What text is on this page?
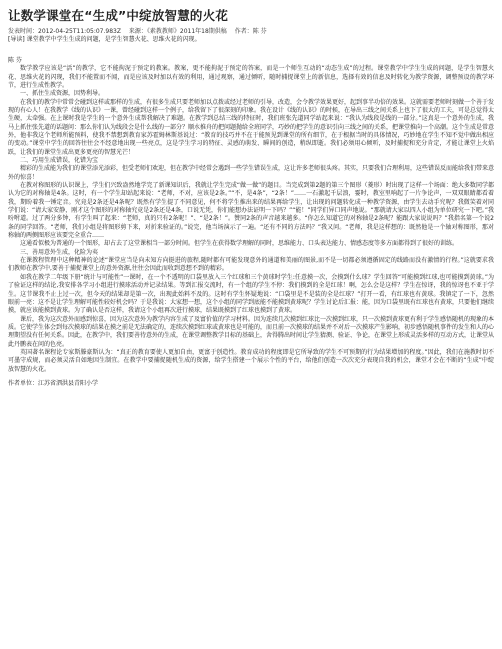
让数学课堂在“生成”中绽放智慧的火花
发表时间：2012-04-25T11:05:07.983Z 来源：《素教教师》2011年18期供稿 作者：陈 芬
[导读] 课堂教学中学生生成的问题，是学生智慧火花、思维火花的闪现。

陈 芬

数学教学应该是“活”的教学，它不能拘泥于预定的教案。教案，更不能拘泥于预定的答案，而是一个师生互动的“动态生成”的过程。课堂教学中学生生成的问题，是学生智慧火花、思维火花的闪现，我们不能置而不闻，而是应该及时加以有效的利用，通过观察，通过倾听，随时捕捉课堂上的新信息，选择有效的信息及时转化为教学资源，调整预设的教学环节，进行生成性教学。

一、抓住生成资源，因势利导。

在我们的教学中常常会碰到这样或那样的生成，有很多生成只要老师加以点拨或经过老师的引导，改造，会令教学效果更好，起到事半功倍的效果。这就需要老师时刻做一个善于发现的有心人！在我教学《线的认识》一课，曾经碰到这样一个例子，给我留下了很深刻的印象。我在设计《线的认识》的时候，在导出三线之间关系上也下了很大的工夫，可是总觉得太生硬，太牵强。在上课时我是学生的一个意外生成帮我解决了难题。在教学到总结三线的特征时，我们班张先道同学站起来说：“我认为线段是线的一部分。”这真是一个意外的生成，我马上抓住张先道的话题问：那么你们认为线段会是什么线的一部分？顺水推舟的把问题抛给全班同学，巧妙的把学生的意识引向三线之间的关系，把课堂推向一个高潮。这个生成是常意外，他非我这个老师所能预料，使我不禁想到教育家苏霍姆林斯基说过：“教育的技巧并不在于能预见到课堂的所有细节，在于根据当时的具体情况，巧妙地在学生不知不觉中做出相应的变动。”课堂中学生的回答往往会不经意地出现一些亮点，这是学生学习的特征、灵感的萌发、瞬间的创造，稍纵即逝。我们必须用心倾听，及时捕捉和充分肯定，才能让课堂上火焰跃，让我们的课堂生成出更多更亮的智慧光芒！

二、巧用生成错误，化错为宝

精彩的生成能为我们的课堂添光添彩，但受老师们欢迎，但在教学中经常会遇到一些学生错误生成，这让许多老师很头疼。其实，只要我们合理利用，这些错误反而能给我们带来意外的惊喜！

在教对称图形的认识课上，学生们兴致盎然地学完了新课知识后，我就让学生完成“做一做”的题目。当完成到第2题的第三个图形（菱形）时出现了这样一个场面：绝大多数同学都认为它的对称轴是4条。这时，有一个学生却站起来说：“老师，不对，应该是2条。”“不，是4条”，“2条！”……一石激起千层浪，霎时，教室里响起了一片争论声，一双双眼睛都看着我，期盼着我一锤定音。究竟是2条还是4条呢？既然有学生提了不同意见，何不将学生推出来的结果再给学生，让出现的问题转化成一种教学资源，由学生去动手究呢？我微笑着对同学们说：“请大家安静，刚才这个图形的对称轴究竟是2条还是4条，口说无凭，你们能想办法证明一下吗？”“能！”同学们异口同声地说。“那就请大家以四人小组为单位研究一下吧。”我吩咐道。过了两分多钟，有学生叫了起来：“老师，真的只有2条呢！”、“是2条！”。赞同2条的声音越来越多。“你怎么知道它的对称轴是2条呢？能跟大家说说吗？”我指名第一个说2条的同学回答。“老师，我们小组是将图形剪下来，对折来验证的。”说完，他当场演示了一遍。“还有不同的方法吗？”我又问。“老师，我是这样想的：既然他是一个轴对称图形，那对称轴的两侧图形应该要完全重合……

这通看似极为普通的一个图形，却占去了这堂课相当一部分时间。但学生在获得数学理解的同时，思维能力、口头表达能力、情感态度等多方面都得到了很好的训练。

三、善用意外生成，化险为夷

在课教程管理中这种精神的论述“课堂应当是向未知方向挺进的旅程,随时都有可能发现意外的通道和美丽的图景,而不是一切都必须遵循固定的线路而没有激情的行程。”这就要求我们教师在教学中,要善于捕捉课堂上的意外资源,往往会因此而收到意想不到的精彩。

如我在教学二年级下册“统计与可能性”一课时，在一个不透明的口袋里放入三个红球和三个黄球时学生:任意摸一次，会摸到什么球？学生回答“可能摸到红球,也可能摸到黄球。”为了验证这样的结论,我安排各学习小组进行摸球活动并记录结果。等到汇报交流时，有一个组的学生不停：我们摸到的全是红球！啊，怎么会是这样？学生在惊讶，我的惊讶也不亚于学生。这节课我不止上过一次，但今天的结果却是第一次，出现此始料不及的。这时有学生怀疑地说：“口袋里是不是装的全是红球？”打开一看，有红球也有黄球。我镇定了一下，忽然眼前一亮：这不是让学生理解可能性较好机会吗？于是我说：大家想一想，这个小组的同学到底能不能摸到黄球呢？学生讨论后汇报：能，因为口袋里既有红球也有黄球，只要他们继续摸，就应该能摸到黄球。为了确认是否这样，我请这个小组再次进行摸球，结果既摸到了红球也摸到了黄球。

课后，我为这次意外而感到惊喜，因为这次意外为教学内容生成了及富价值的学习材料。因为连续几次摸到红球比一次摸到红球，只一次摸到黄球更有利于学生感悟随机的现象的本质。它使学生体会到每次摸球的结果在摸之前是无法确定的，连续次摸到红球或黄球也是可能的，而且前一次摸球的结果并不对后一次摸球产生影响，初步感悟随机事件的发生和人的心理期望没有任何关系。因此，在教学中，我们要善待意外的生成，在课堂调整教学目标的基础上，舍得腾出时间让学生猜测、验证、争论，在课堂上形成灵活多样的互动方式，让课堂从此丹鹏表在问的色亮。

英国著名课程论专家斯滕豪斯认为：“真正的教育要使人更加自由，更富于创造性。教育成功的程度即是它所导致的学生不可预期的行为结果增加的程度。”因此，我们在施教时切不可墨守成规，而必须灵活自如地因生制宜。在教学中要捕捉随机生成的资源，给学生搭建一个展示个性的平台，给他们创造一次次充分表现自我的机会，课堂才会在不断的“生成”中绽放智慧的火花。

作者单位：江苏省泗洪县青阳小学
